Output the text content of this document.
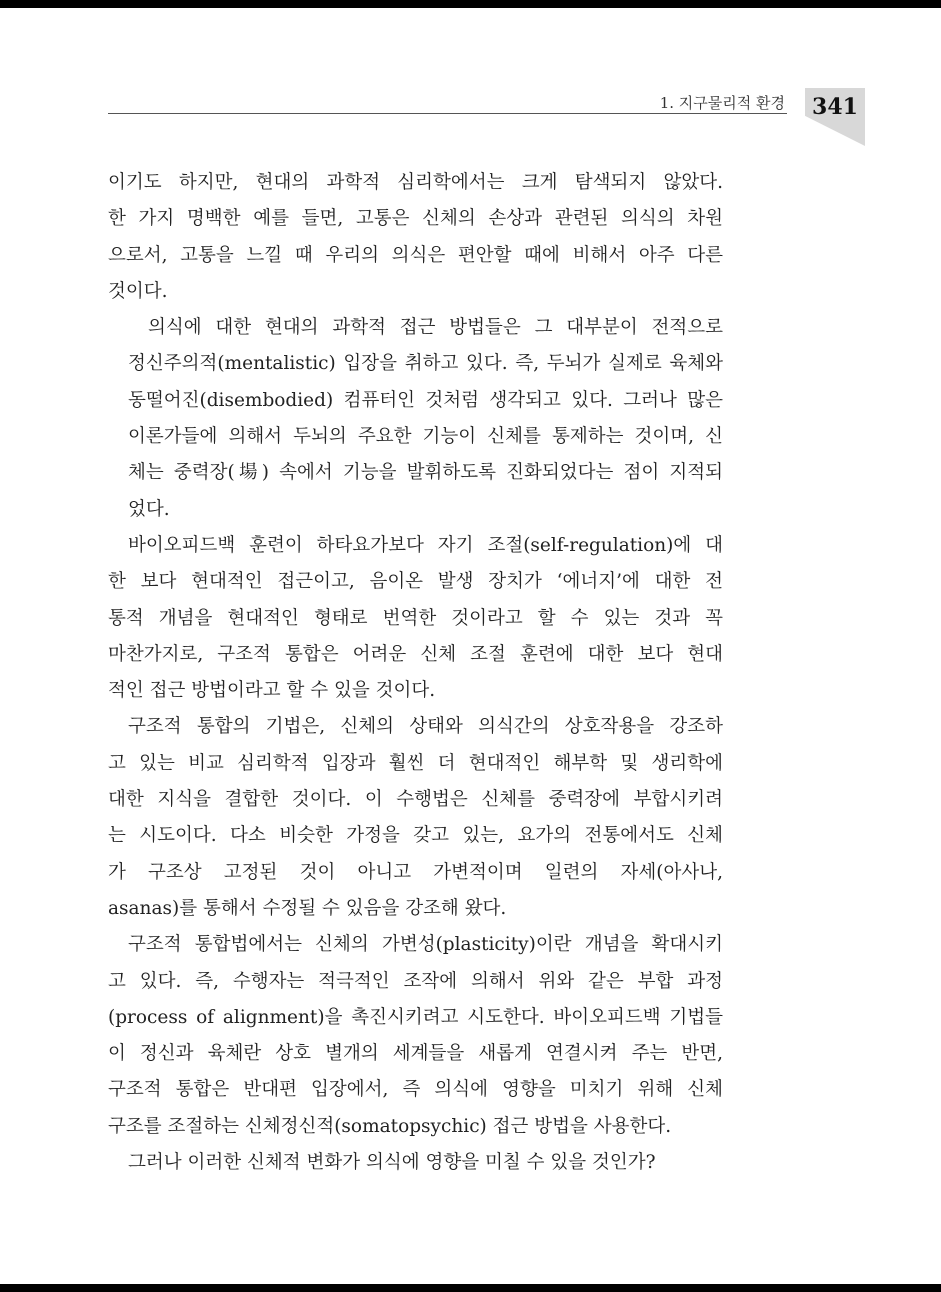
1. 지구물리적 환경	341

이기도 하지만, 현대의 과학적 심리학에서는 크게 탐색되지 않았다.
한 가지 명백한 예를 들면, 고통은 신체의 손상과 관련된 의식의 차원
으로서, 고통을 느낄 때 우리의 의식은 편안할 때에 비해서 아주 다른
것이다.

의식에 대한 현대의 과학적 접근 방법들은 그 대부분이 전적으로
정신주의적(mentalistic) 입장을 취하고 있다. 즉, 두뇌가 실제로 육체와
동떨어진(disembodied) 컴퓨터인 것처럼 생각되고 있다. 그러나 많은
이론가들에 의해서 두뇌의 주요한 기능이 신체를 통제하는 것이며, 신
체는 중력장(場) 속에서 기능을 발휘하도록 진화되었다는 점이 지적되
었다.

바이오피드백 훈련이 하타요가보다 자기 조절(self-regulation)에 대
한 보다 현대적인 접근이고, 음이온 발생 장치가 ‘에너지’에 대한 전
통적 개념을 현대적인 형태로 번역한 것이라고 할 수 있는 것과 꼭
마찬가지로, 구조적 통합은 어려운 신체 조절 훈련에 대한 보다 현대
적인 접근 방법이라고 할 수 있을 것이다.

구조적 통합의 기법은, 신체의 상태와 의식간의 상호작용을 강조하
고 있는 비교 심리학적 입장과 훨씬 더 현대적인 해부학 및 생리학에
대한 지식을 결합한 것이다. 이 수행법은 신체를 중력장에 부합시키려
는 시도이다. 다소 비슷한 가정을 갖고 있는, 요가의 전통에서도 신체
가 구조상 고정된 것이 아니고 가변적이며 일련의 자세(아사나,
asanas)를 통해서 수정될 수 있음을 강조해 왔다.

구조적 통합법에서는 신체의 가변성(plasticity)이란 개념을 확대시키
고 있다. 즉, 수행자는 적극적인 조작에 의해서 위와 같은 부합 과정
(process of alignment)을 촉진시키려고 시도한다. 바이오피드백 기법들
이 정신과 육체란 상호 별개의 세계들을 새롭게 연결시켜 주는 반면,
구조적 통합은 반대편 입장에서, 즉 의식에 영향을 미치기 위해 신체
구조를 조절하는 신체정신적(somatopsychic) 접근 방법을 사용한다.

그러나 이러한 신체적 변화가 의식에 영향을 미칠 수 있을 것인가?
